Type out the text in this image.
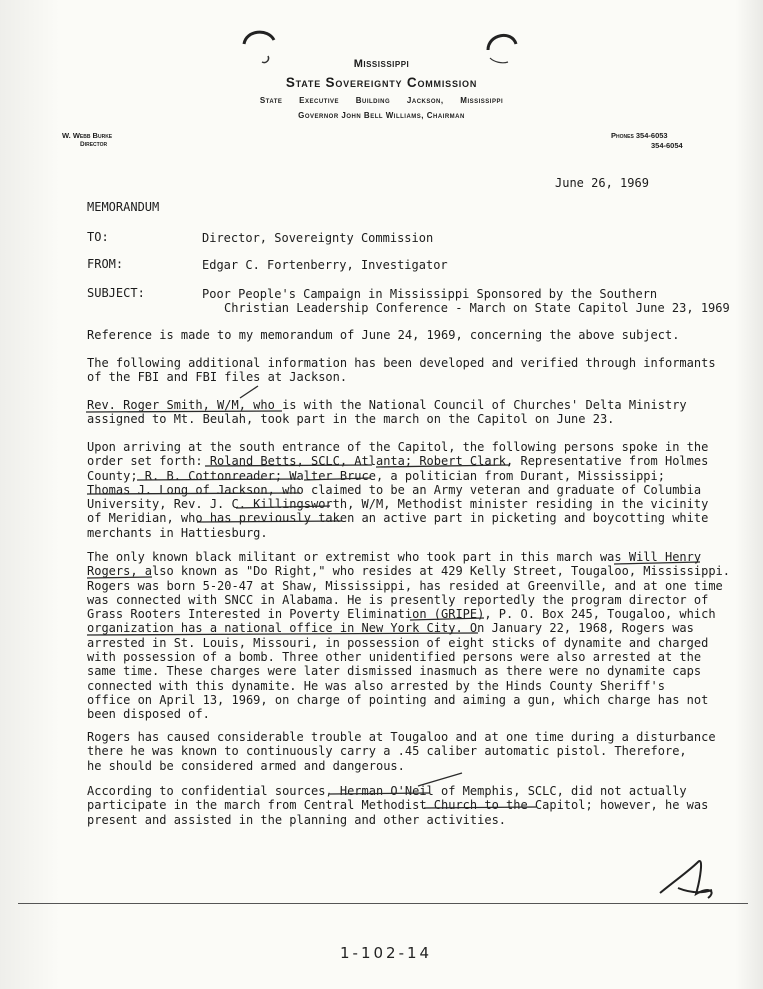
Mississippi
State Sovereignty Commission
State Executive Building Jackson, Mississippi
Governor John Bell Williams, Chairman
W. Webb Burke
Director
Phones 354-6053
354-6054
June 26, 1969
MEMORANDUM
TO:	Director, Sovereignty Commission
FROM:	Edgar C. Fortenberry, Investigator
SUBJECT:	Poor People's Campaign in Mississippi Sponsored by the Southern
Christian Leadership Conference - March on State Capitol June 23, 1969
Reference is made to my memorandum of June 24, 1969, concerning the above subject.
The following additional information has been developed and verified through informants
of the FBI and FBI files at Jackson.
Rev. Roger Smith, W/M, who is with the National Council of Churches' Delta Ministry
assigned to Mt. Beulah, took part in the march on the Capitol on June 23.
Upon arriving at the south entrance of the Capitol, the following persons spoke in the
order set forth: Roland Betts, SCLC, Atlanta; Robert Clark, Representative from Holmes
County; R. B. Cottonreader; Walter Bruce, a politician from Durant, Mississippi;
Thomas J. Long of Jackson, who claimed to be an Army veteran and graduate of Columbia
University, Rev. J. C. Killingsworth, W/M, Methodist minister residing in the vicinity
of Meridian, who has previously taken an active part in picketing and boycotting white
merchants in Hattiesburg.
The only known black militant or extremist who took part in this march was Will Henry
Rogers, also known as "Do Right," who resides at 429 Kelly Street, Tougaloo, Mississippi.
Rogers was born 5-20-47 at Shaw, Mississippi, has resided at Greenville, and at one time
was connected with SNCC in Alabama. He is presently reportedly the program director of
Grass Rooters Interested in Poverty Elimination (GRIPE), P. O. Box 245, Tougaloo, which
organization has a national office in New York City. On January 22, 1968, Rogers was
arrested in St. Louis, Missouri, in possession of eight sticks of dynamite and charged
with possession of a bomb. Three other unidentified persons were also arrested at the
same time. These charges were later dismissed inasmuch as there were no dynamite caps
connected with this dynamite. He was also arrested by the Hinds County Sheriff's
office on April 13, 1969, on charge of pointing and aiming a gun, which charge has not
been disposed of.
Rogers has caused considerable trouble at Tougaloo and at one time during a disturbance
there he was known to continuously carry a .45 caliber automatic pistol. Therefore,
he should be considered armed and dangerous.
According to confidential sources, Herman O'Neil of Memphis, SCLC, did not actually
participate in the march from Central Methodist Church to the Capitol; however, he was
present and assisted in the planning and other activities.
1-102-14
